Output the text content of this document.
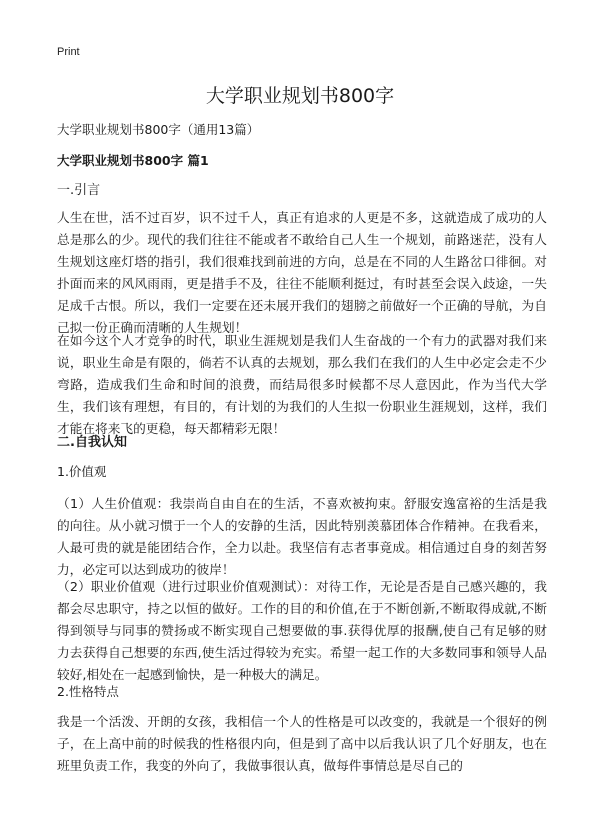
Print
大学职业规划书800字

大学职业规划书800字（通用13篇）

大学职业规划书800字 篇1

一.引言

人生在世，活不过百岁，识不过千人，真正有追求的人更是不多，这就造成了成功的人总是那么的少。现代的我们往往不能或者不敢给自己人生一个规划，前路迷茫，没有人生规划这座灯塔的指引，我们很难找到前进的方向，总是在不同的人生路岔口徘徊。对扑面而来的风风雨雨，更是措手不及，往往不能顺利挺过，有时甚至会误入歧途，一失足成千古恨。所以，我们一定要在还未展开我们的翅膀之前做好一个正确的导航，为自己拟一份正确而清晰的人生规划！

在如今这个人才竞争的时代，职业生涯规划是我们人生奋战的一个有力的武器对我们来说，职业生命是有限的，倘若不认真的去规划，那么我们在我们的人生中必定会走不少弯路，造成我们生命和时间的浪费，而结局很多时候都不尽人意因此，作为当代大学生，我们该有理想，有目的，有计划的为我们的人生拟一份职业生涯规划，这样，我们才能在将来飞的更稳，每天都精彩无限！

二.自我认知

1.价值观

（1）人生价值观：我崇尚自由自在的生活，不喜欢被拘束。舒服安逸富裕的生活是我的向往。从小就习惯于一个人的安静的生活，因此特别羡慕团体合作精神。在我看来，人最可贵的就是能团结合作，全力以赴。我坚信有志者事竟成。相信通过自身的刻苦努力，必定可以达到成功的彼岸！

（2）职业价值观（进行过职业价值观测试）：对待工作，无论是否是自己感兴趣的，我都会尽忠职守，持之以恒的做好。工作的目的和价值,在于不断创新,不断取得成就,不断得到领导与同事的赞扬或不断实现自己想要做的事.获得优厚的报酬,使自己有足够的财力去获得自己想要的东西,使生活过得较为充实。希望一起工作的大多数同事和领导人品较好,相处在一起感到愉快，是一种极大的满足。

2.性格特点

我是一个活泼、开朗的女孩，我相信一个人的性格是可以改变的，我就是一个很好的例子，在上高中前的时候我的性格很内向，但是到了高中以后我认识了几个好朋友，也在班里负责工作，我变的外向了，我做事很认真，做每件事情总是尽自己的
